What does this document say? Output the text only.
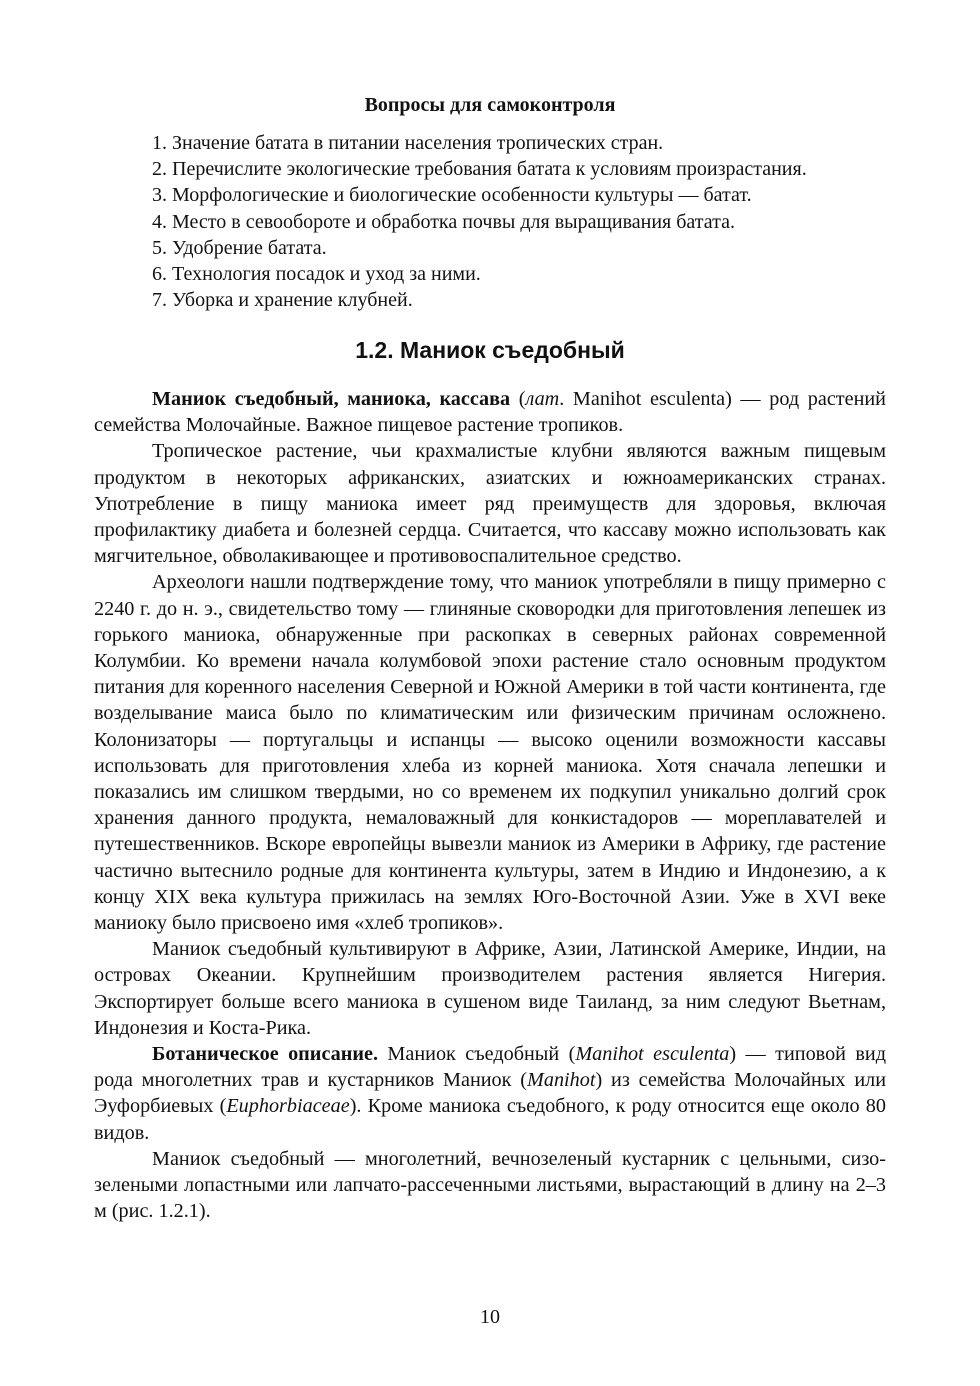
Вопросы для самоконтроля
1. Значение батата в питании населения тропических стран.
2. Перечислите экологические требования батата к условиям произрастания.
3. Морфологические и биологические особенности культуры — батат.
4. Место в севообороте и обработка почвы для выращивания батата.
5. Удобрение батата.
6. Технология посадок и уход за ними.
7. Уборка и хранение клубней.
1.2. Маниок съедобный

Маниок съедобный, маниока, кассава (лат. Manihot esculenta) — род растений семейства Молочайные. Важное пищевое растение тропиков.

Тропическое растение, чьи крахмалистые клубни являются важным пищевым продуктом в некоторых африканских, азиатских и южноамериканских странах. Употребление в пищу маниока имеет ряд преимуществ для здоровья, включая профилактику диабета и болезней сердца. Считается, что кассаву можно использовать как мягчительное, обволакивающее и противовоспалительное средство.

Археологи нашли подтверждение тому, что маниок употребляли в пищу примерно с 2240 г. до н. э., свидетельство тому — глиняные сковородки для приготовления лепешек из горького маниока, обнаруженные при раскопках в северных районах современной Колумбии. Ко времени начала колумбовой эпохи растение стало основным продуктом питания для коренного населения Северной и Южной Америки в той части континента, где возделывание маиса было по климатическим или физическим причинам осложнено. Колонизаторы — португальцы и испанцы — высоко оценили возможности кассавы использовать для приготовления хлеба из корней маниока. Хотя сначала лепешки и показались им слишком твердыми, но со временем их подкупил уникально долгий срок хранения данного продукта, немаловажный для конкистадоров — мореплавателей и путешественников. Вскоре европейцы вывезли маниок из Америки в Африку, где растение частично вытеснило родные для континента культуры, затем в Индию и Индонезию, а к концу XIX века культура прижилась на землях Юго-Восточной Азии. Уже в XVI веке маниоку было присвоено имя «хлеб тропиков».

Маниок съедобный культивируют в Африке, Азии, Латинской Америке, Индии, на островах Океании. Крупнейшим производителем растения является Нигерия. Экспортирует больше всего маниока в сушеном виде Таиланд, за ним следуют Вьетнам, Индонезия и Коста-Рика.

Ботаническое описание. Маниок съедобный (Manihot esculenta) — типовой вид рода многолетних трав и кустарников Маниок (Manihot) из семейства Молочайных или Эуфорбиевых (Euphorbiaceae). Кроме маниока съедобного, к роду относится еще около 80 видов.

Маниок съедобный — многолетний, вечнозеленый кустарник с цельными, сизо-зелеными лопастными или лапчато-рассеченными листьями, вырастающий в длину на 2–3 м (рис. 1.2.1).

10
